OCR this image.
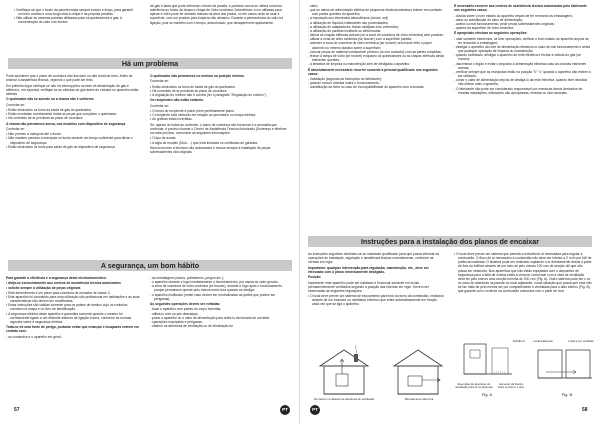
• Certifique-se que o fundo da panela esteja sempre enxuto e limpo, para garantir um bom contato e uma longa vida à chapa e às próprias panelas.
• Não utilizar as mesmas panelas utilizadas para os queimadores a gás. A concentração do calor nos fundos

de gás é tanta que pode deformar o fundo da panela, e portanto nunca se obtera uma boa aderência ao fundo da chapa e chapa de Vidro cerâmica. Advertência: a cor utilizada para aplicar e vidro pode ter deixado marcas na área dos pratos, ou em casos onde se usar a superfície, com um produto para limpeza não abrasivo. Durante a permanência do vidro há ligação, pois se mantém com o tempo, descolorado, que desaparecerá rapidamente.

Há um problema

Pode acontecer que o plano de cozedura não funcione ou não funcione bem. Antes de chamar a assistência técnica, vejamos o que pode ser feito.

Em primeiro lugar verifique se não há interrupções na rede de alimentação de gás e elétrica e, em especial, verifique se as válvulas do gás antes do entrada no aparelho estão abertas.

O queimador não se acende ou a chama não é uniforme.

Controlar se:

• Estão obstruídos os furos da saída de gás do queimador.
• Estão montadas corretamente todas as peças que compõem o queimador.
• Há correntes de ar próximas ao plano de cozedura.

A chama não permanece acesa, nos modelos com dispositivo de segurança.

Controlar se:

• Não premeu a manípula até o fundo.
• Não mantem premido a manípula no fundo durante um tempo suficiente para ativar o dispositivo de segurança.
• Estão obstruídos os furos para saída de gás do dispositivo de segurança.

O queimador não permanece no mínimo na posição mínimo.

Controlar se:

• Estão obstruídos os furos de saída de gás do queimador.
• Há correntes de ar próximas ao plano de cozedura.
• A regulação do mínimo não é correta (ler o parágrafo "Regulação do mínimo").

Os recipientes não estão estáveis.

Controlar se:

• O fundo do recipiente é plano (nem perfeitamente plano.
• O recipiente está centrado em relação ao queimador ou chapa elétrica.
• As grelhas estão invertidas.

Se, apesar de todas as controles, o plano de cozedura não funcionar e a anomalia que continuar, é preciso chamar o Centro de Assistência Técnica Autorizado (Endereço e telefone na mais próximo, comunicar as seguintes informações:

• O tipo de avaria.
• A sigla do modelo (Mod. ...) que está indicada no certificado de garantia.

Nunca recorrer a técnicos não autorizados e recuse sempre a instalação de peças sobressalentes não originais.

A segurança, um bom hábito

Para garantir a eficiência e a segurança deste electrodoméstico:

• dirija-se exclusivamente aos centros de assistência técnica autorizados
• solicite sempre a utilização de peças originais
• Este fornecimento é um plano para cozedura de encastar de classe 3.
• Este aparelho foi concebido para uma utilização não profissional em habitações e as suas características não devem ser modificadas.
• Estas instruções são válidas somente para os países de destino cujo os símbolos constam na chapa e no livro de identificação.
• A segurança elétrica deste aparelho é garantida somente quando o mesmo for corretamente ligado a um eficiente sistema de ligação à terra, conforme as normas vigentes sobre a segurança elétrica.

Trata-se de uma fonte de perigo, portanto evitar que crianças e incapazes entrem em contato com:

- os comandos e o aparelho em geral;
- as embalagens (sacos, poliestireno, pregos etc.);
- o aparelho durante e logo imediatamente o funcionamento, por causa do calor gerado;
- a zona de cozedura de vidro cerâmica (se houver), durante e logo após o funcionamento, porque permanece quente pelo menos meia hora quando se desliga;
- o aparelho inutilizado (neste caso devem ser neutralizadas as partes que podem ser perigosas).

As seguintes operações devem ser evitadas:

- tocar o aparelho com partes do corpo húmidas;
- utilizá-lo com os pés descalços;
- puxar o aparelho ou o cabo de alimentação para retirá-lo da tomada de corrente;
- operações impróprias e perigosas;
- obstruir as aberturas de ventilação ou de eliminação de
57	PT
- calor;
- que os cabos de alimentação elétrica de pequenos electrodomésticos entrem em contacto com partes quentes do aparelho;
- a exposição aos elementos atmosféricos (chuva, sol);
- a utilização de líquidos inflamáveis nas proximidades;
- a utilização de adaptadores, fichas múltiplas e/ou extensões;
- a utilização de panelas instáveis ou deformadas;
- deixar as chapas elétricas acesas (ou a zona de cozedura de vidro cerâmica) sem panelas;
- utilizar a zona de vidro cerâmica (se houver) com a superfície partida;
- acender a zona de cozedura de vidro cerâmica (se houver) sem haver feito o papel alumínio ou mesmo plástico sobre a superfície;
- colocar peças de material combustível próximo (ou em contacto) com as partes rompidas;
- fechar a tampa de vidro (se houver) enquanto os queimadores ou as chapas elétricas ainda estiverem quentes;
- a tentativa de limpeza ou manutenção sem ter desligado o aparelho.

É absolutamente necessário recorrer somente a pessoal qualificado nos seguintes casos:

- instalação (segundo as instruções do fabricante);
- quando houver dúvidas sobre o funcionamento;
- substituição da ficha no caso de incompatibilidade do aparelho com a tomada.

É necessário recorrer aos centros de assistência técnica autorizados pelo fabricante nos seguintes casos:

- dúvida sobre o bom estado do aparelho depois de ter removido as embalagens;
- dano ou substituição do cabo de alimentação;
- avaria ou mal funcionamento, pedir peças sobressalentes originais;
- quebra da superfície de vidro cerâmica.

É apropriado efectuar as seguintes operações:

- usar somente elementos, se tiver operações, verificar o bom estado do aparelho depois de ter removido a embalagem;
- desligar o aparelho da rede de alimentação eléctrica no caso de mal funcionamento e antes que qualquer operação de limpeza ou manutenção;
- quando inutilizado, desligar o aparelho da rede eléctrica e fechar a válvula do gás (se houver);
- discriminar o fogão e evitar o depósito à alimentação eléctrica caso as chamas estiverem acesas;
- verificar sempre que as manípulas estão na posição "0" "o" quando o aparelho não estiver a ser utilizado;
- cortar o cabo de alimentação depois de desligá-lo da rede eléctrica, quando tiver decidido não utilizar mais o aparelho.
- O fabricante não pode ser considerado responsável por eventuais danos derivados de: erradas instalações, utilizações não apropriadas, erradas ou não racionais.
Instruções para a instalação dos planos de encaixar

As instruções seguintes destinam-se ao instalador qualificado para que possa efectuar as operações de instalação, regulação e assistência técnica correctamente, conforme as normas em vigor.

Importante: qualquer intervenção para regulação, manutenção, etc., deve ser efectuado com o plano electricamente desligado.

Posição

Importante: este aparelho pode ser instalado e funcionar somente em locais permanentemente ventilados segundo a posição das Normas em vigor. Devem ser observadas as seguintes regulações:

• O local deve prever um sistema de escoamento para fora do fumo da combustão, realizado através de um exaustor ou ventilador eléctrico que entre automaticamente em função cada vez que se liga o aparelho.
No interior ou através de aberturas de ventilação	Directamente para fora
• O local deve prever um sistema que permita a entrada de ar necessária para regular a combustão. O fluxo de ar necessário à combustão não deve ser inferior a 2 m³/h por kW de potência instalada. O sistema pode ser realizado captando o ar directamente desde a parte de fora do edifício através de um tubo de pelo menos 100 cm² de secção útil que não possa ser obstruído. Nos aparelhos que não estão equipados com o dispositivo de segurança para a falta de chama estes a cima de comunicar com a vista de ventilação deve ter pelo menos uma secção mínima de 200 cm² (Fig. A). Outro sistema pode ser o ar, no caso de aberturas na parede do local adjacente, numa situação que possa que esta não se faz mais de pelo menos ser por compartimento e ventiladas para o lado interno (Fig. B), que garante com o exterior da combustão comunica com o parte de fora.
Detalhe A
Exemplos de aberturas de ventilação para ar comburente
Aumento da fissura entre a porta e o piso
Fig. A
Local adjacente	Local a ser ventilado
Fig. B
PT	58
